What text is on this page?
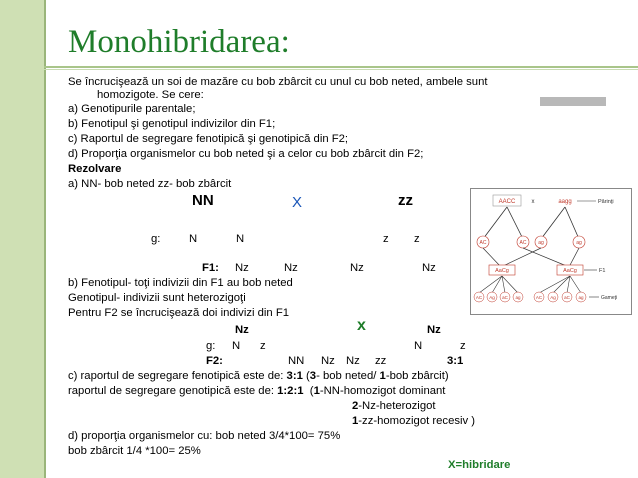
Monohibridarea:
Se încrucişează un soi de mazăre cu bob zbârcit cu unul cu bob neted, ambele sunt
homozigote. Se cere:
a) Genotipurile parentale;
b) Fenotipul şi genotipul indivizilor din F1;
c) Raportul de segregare fenotipică şi genotipică din F2;
d) Proporţia organismelor cu bob neted şi a celor cu bob zbârcit din F2;
Rezolvare
a) NN- bob neted zz- bob zbârcit
NN	X	zz
g:	N	N	z z
F1: Nz	Nz	Nz	Nz
b) Fenotipul- toţi indivizii din F1 au bob neted
Genotipul- indivizii sunt heterozigoţi
Pentru F2 se încrucişează doi indivizi din F1
Nz	x	Nz
g: N z	N	z
F2:	NN Nz Nz zz	3:1
c) raportul de segregare fenotipică este de: 3:1 (3- bob neted/ 1-bob zbârcit)
raportul de segregare genotipică este de: 1:2:1 (1-NN-homozigot dominant
2-Nz-heterozigot
1-zz-homozigot recesiv )
d) proporţia organismelor cu: bob neted 3/4*100= 75%
bob zbârcit 1/4 *100= 25%
X=hibridare
AACC	x	aagg	Părinţi
AC	AC ag	ag
AaCg	AaCg	F1
AC Ag aC ag	AC Ag aC ag	Gameţi
